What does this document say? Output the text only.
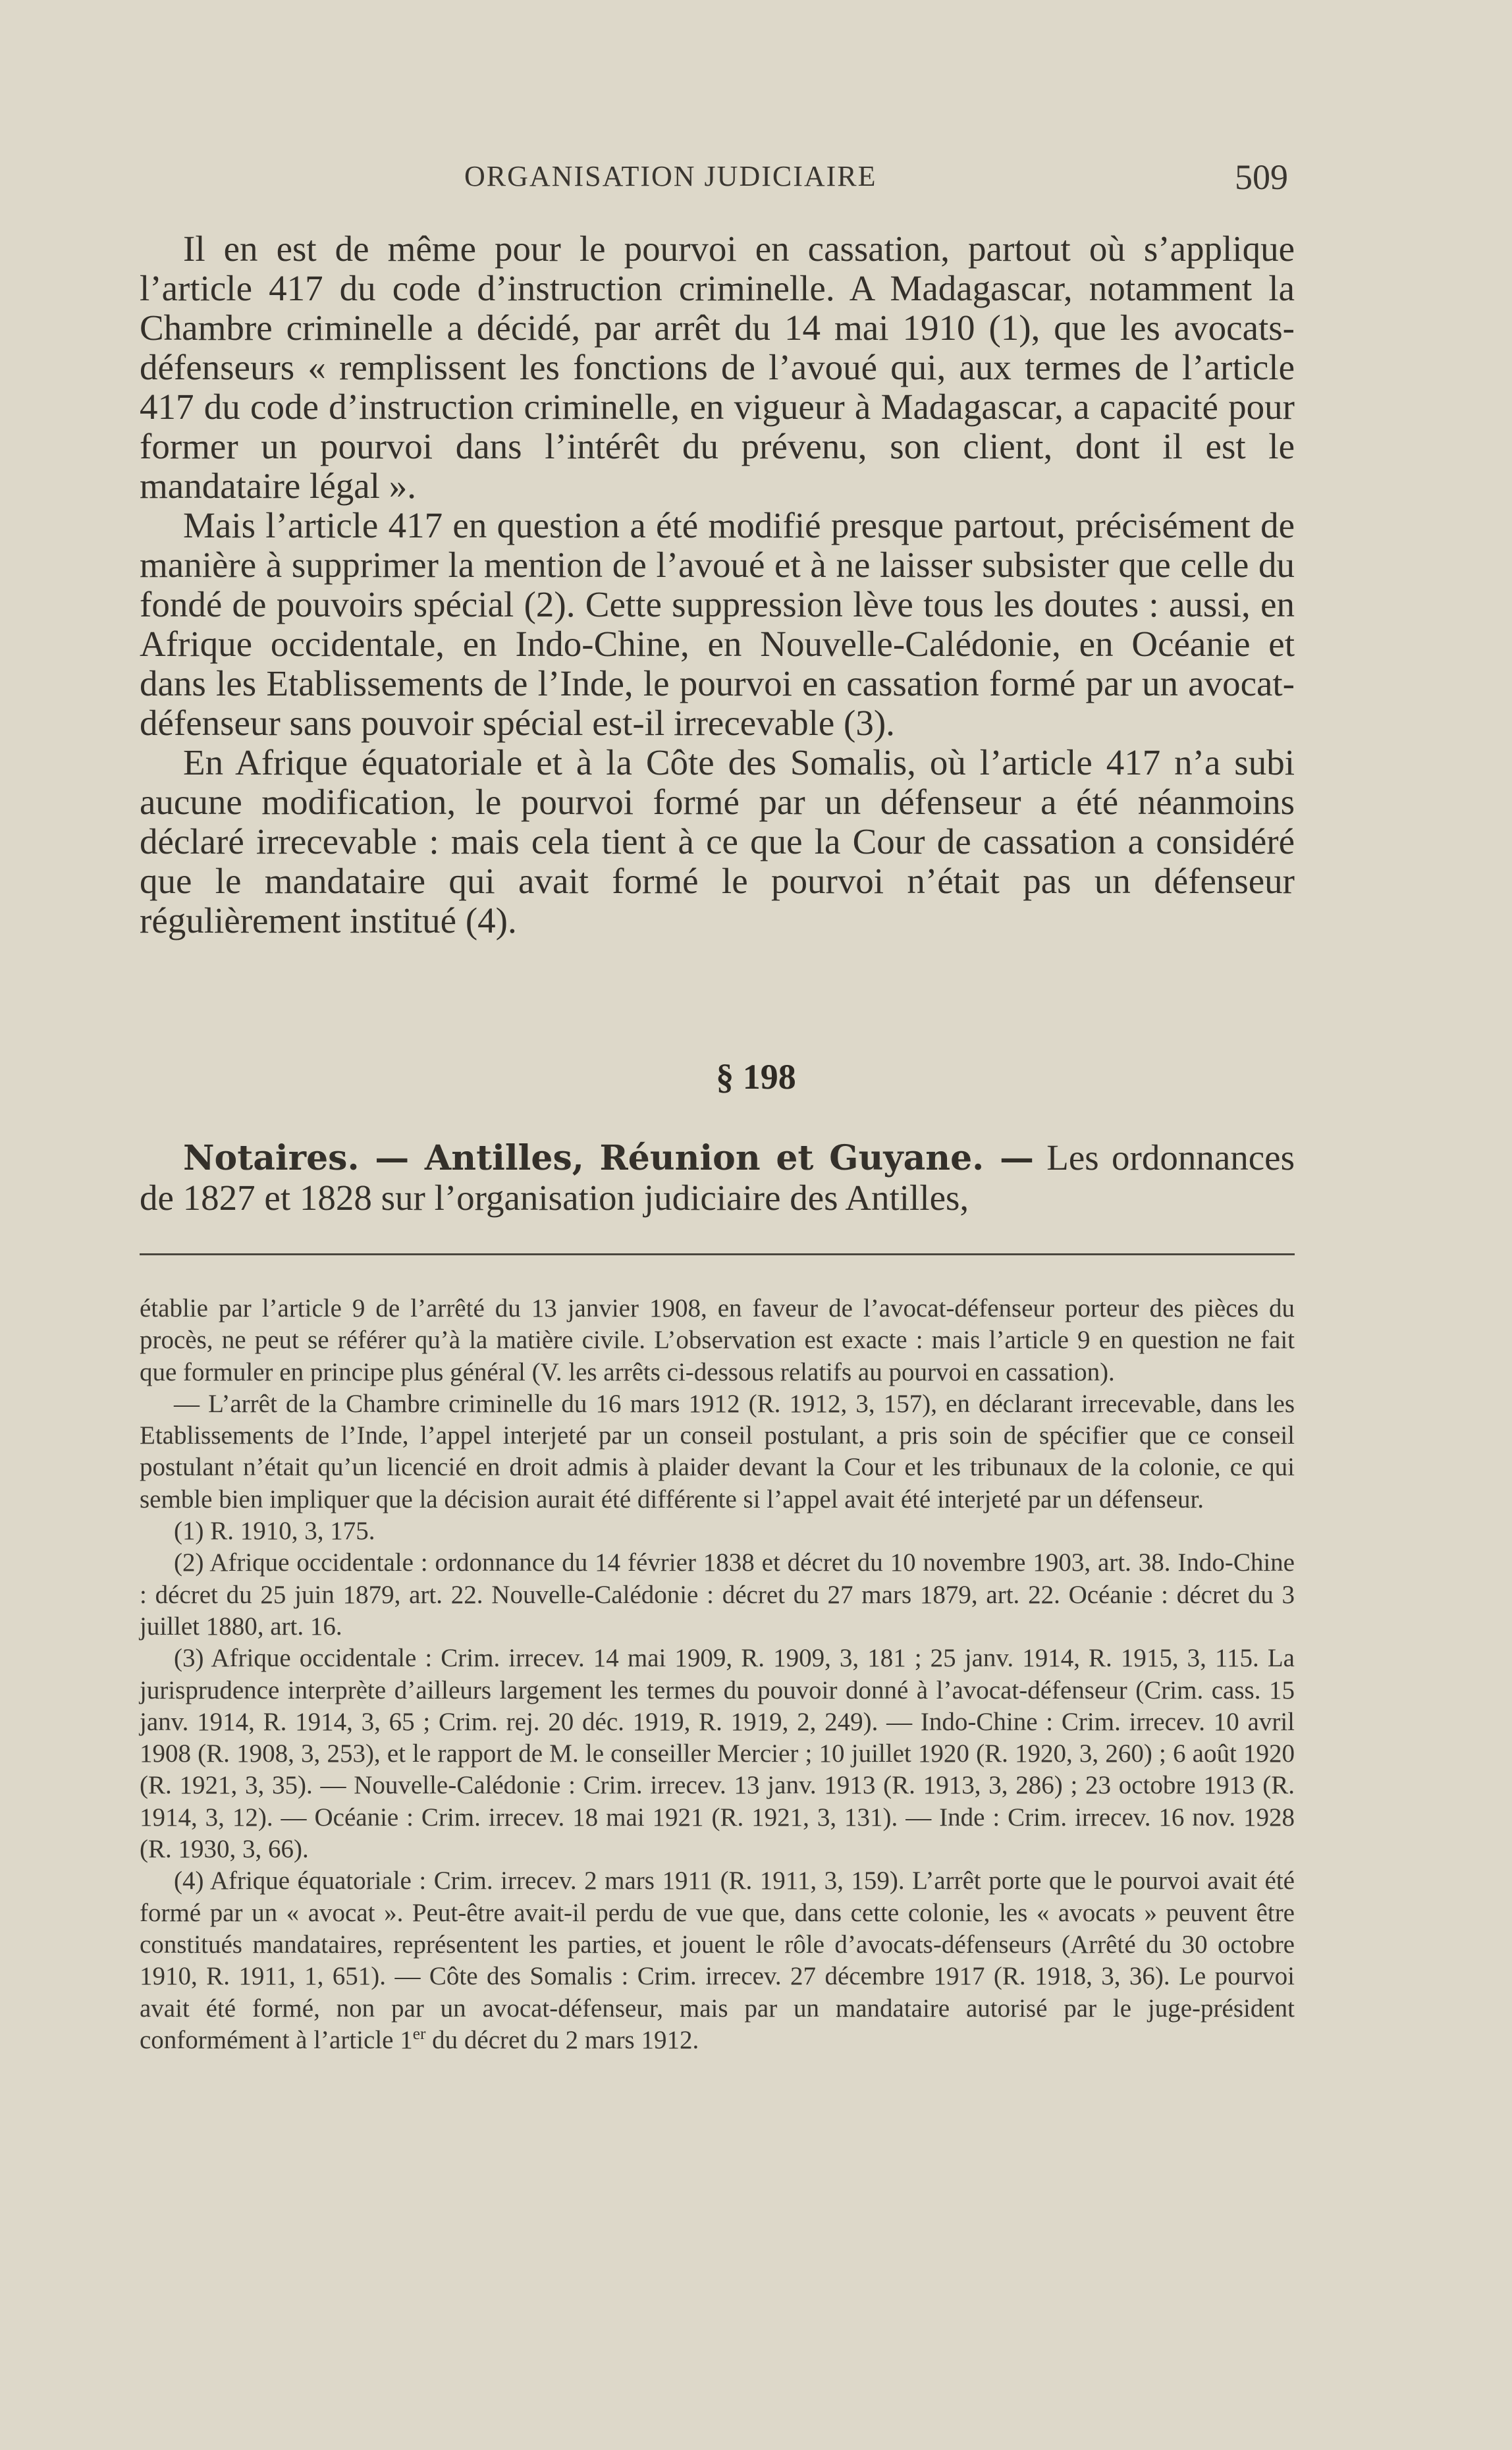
ORGANISATION JUDICIAIRE	509

Il en est de même pour le pourvoi en cassation, partout où s’applique l’article 417 du code d’instruction criminelle. A Madagascar, notamment la Chambre criminelle a décidé, par arrêt du 14 mai 1910 (1), que les avocats-défenseurs « remplissent les fonctions de l’avoué qui, aux termes de l’article 417 du code d’instruction criminelle, en vigueur à Madagascar, a capacité pour former un pourvoi dans l’intérêt du prévenu, son client, dont il est le mandataire légal ».

Mais l’article 417 en question a été modifié presque partout, précisément de manière à supprimer la mention de l’avoué et à ne laisser subsister que celle du fondé de pouvoirs spécial (2). Cette suppression lève tous les doutes : aussi, en Afrique occidentale, en Indo-Chine, en Nouvelle-Calédonie, en Océanie et dans les Etablissements de l’Inde, le pourvoi en cassation formé par un avocat-défenseur sans pouvoir spécial est-il irrecevable (3).

En Afrique équatoriale et à la Côte des Somalis, où l’article 417 n’a subi aucune modification, le pourvoi formé par un défenseur a été néanmoins déclaré irrecevable : mais cela tient à ce que la Cour de cassation a considéré que le mandataire qui avait formé le pourvoi n’était pas un défenseur régulièrement institué (4).

§ 198

Notaires. — Antilles, Réunion et Guyane. — Les ordonnances de 1827 et 1828 sur l’organisation judiciaire des Antilles,

établie par l’article 9 de l’arrêté du 13 janvier 1908, en faveur de l’avocat-défenseur porteur des pièces du procès, ne peut se référer qu’à la matière civile. L’observation est exacte : mais l’article 9 en question ne fait que formuler en principe plus général (V. les arrêts ci-dessous relatifs au pourvoi en cassation).

— L’arrêt de la Chambre criminelle du 16 mars 1912 (R. 1912, 3, 157), en déclarant irrecevable, dans les Etablissements de l’Inde, l’appel interjeté par un conseil postulant, a pris soin de spécifier que ce conseil postulant n’était qu’un licencié en droit admis à plaider devant la Cour et les tribunaux de la colonie, ce qui semble bien impliquer que la décision aurait été différente si l’appel avait été interjeté par un défenseur.

(1) R. 1910, 3, 175.

(2) Afrique occidentale : ordonnance du 14 février 1838 et décret du 10 novembre 1903, art. 38. Indo-Chine : décret du 25 juin 1879, art. 22. Nouvelle-Calédonie : décret du 27 mars 1879, art. 22. Océanie : décret du 3 juillet 1880, art. 16.

(3) Afrique occidentale : Crim. irrecev. 14 mai 1909, R. 1909, 3, 181 ; 25 janv. 1914, R. 1915, 3, 115. La jurisprudence interprète d’ailleurs largement les termes du pouvoir donné à l’avocat-défenseur (Crim. cass. 15 janv. 1914, R. 1914, 3, 65 ; Crim. rej. 20 déc. 1919, R. 1919, 2, 249). — Indo-Chine : Crim. irrecev. 10 avril 1908 (R. 1908, 3, 253), et le rapport de M. le conseiller Mercier ; 10 juillet 1920 (R. 1920, 3, 260) ; 6 août 1920 (R. 1921, 3, 35). — Nouvelle-Calédonie : Crim. irrecev. 13 janv. 1913 (R. 1913, 3, 286) ; 23 octobre 1913 (R. 1914, 3, 12). — Océanie : Crim. irrecev. 18 mai 1921 (R. 1921, 3, 131). — Inde : Crim. irrecev. 16 nov. 1928 (R. 1930, 3, 66).

(4) Afrique équatoriale : Crim. irrecev. 2 mars 1911 (R. 1911, 3, 159). L’arrêt porte que le pourvoi avait été formé par un « avocat ». Peut-être avait-il perdu de vue que, dans cette colonie, les « avocats » peuvent être constitués mandataires, représentent les parties, et jouent le rôle d’avocats-défenseurs (Arrêté du 30 octobre 1910, R. 1911, 1, 651). — Côte des Somalis : Crim. irrecev. 27 décembre 1917 (R. 1918, 3, 36). Le pourvoi avait été formé, non par un avocat-défenseur, mais par un mandataire autorisé par le juge-président conformément à l’article 1er du décret du 2 mars 1912.
